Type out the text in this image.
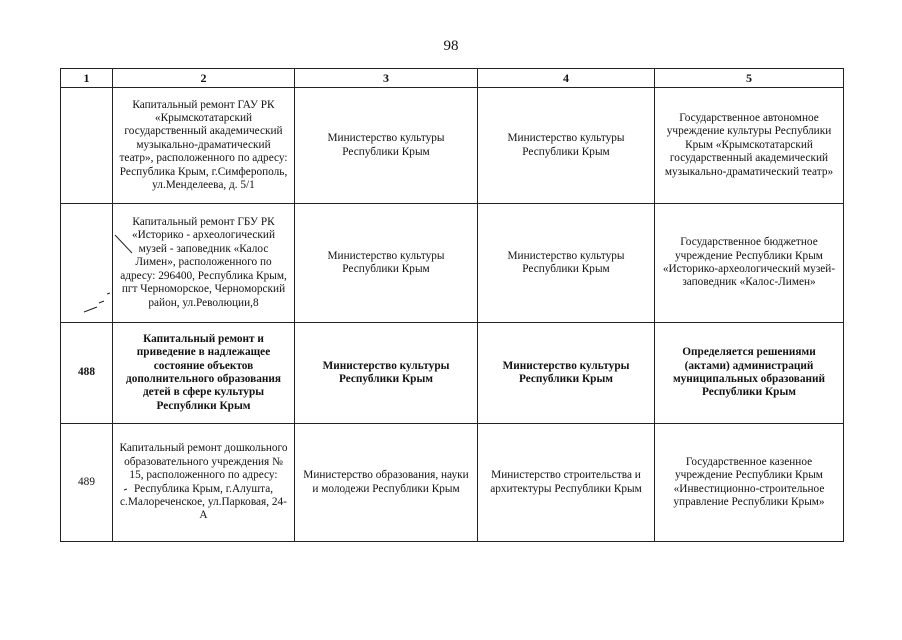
98
1	2	3	4	5
	Капитальный ремонт ГАУ РК «Крымскотатарский государственный академический музыкально-драматический театр», расположенного по адресу: Республика Крым, г.Симферополь, ул.Менделеева, д. 5/1	Министерство культуры Республики Крым	Министерство культуры Республики Крым	Государственное автономное учреждение культуры Республики Крым «Крымскотатарский государственный академический музыкально-драматический театр»
	Капитальный ремонт ГБУ РК «Историко - археологический музей - заповедник «Калос Лимен», расположенного по адресу: 296400, Республика Крым, пгт Черноморское, Черноморский район, ул.Революции,8	Министерство культуры Республики Крым	Министерство культуры Республики Крым	Государственное бюджетное учреждение Республики Крым «Историко-археологический музей-заповедник «Калос-Лимен»
488	Капитальный ремонт и приведение в надлежащее состояние объектов дополнительного образования детей в сфере культуры Республики Крым	Министерство культуры Республики Крым	Министерство культуры Республики Крым	Определяется решениями (актами) администраций муниципальных образований Республики Крым
489	Капитальный ремонт дошкольного образовательного учреждения № 15, расположенного по адресу: Республика Крым, г.Алушта, с.Малореченское, ул.Парковая, 24-А	Министерство образования, науки и молодежи Республики Крым	Министерство строительства и архитектуры Республики Крым	Государственное казенное учреждение Республики Крым «Инвестиционно-строительное управление Республики Крым»
